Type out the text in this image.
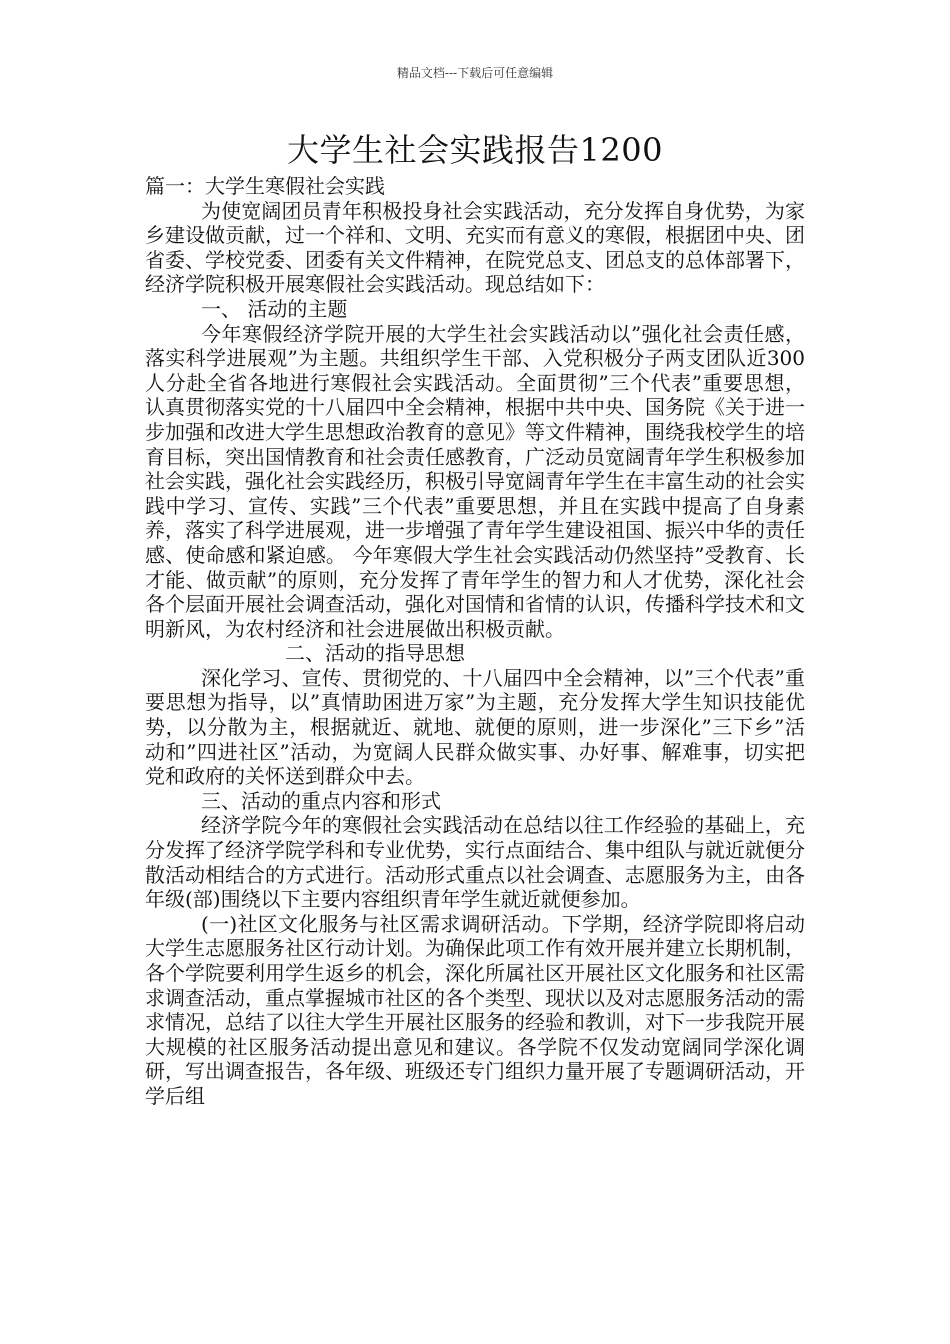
精品文档---下载后可任意编辑
大学生社会实践报告1200

篇一：大学生寒假社会实践

为使宽阔团员青年积极投身社会实践活动，充分发挥自身优势，为家乡建设做贡献，过一个祥和、文明、充实而有意义的寒假，根据团中央、团省委、学校党委、团委有关文件精神，在院党总支、团总支的总体部署下，经济学院积极开展寒假社会实践活动。现总结如下：

一、 活动的主题

今年寒假经济学院开展的大学生社会实践活动以”强化社会责任感，落实科学进展观”为主题。共组织学生干部、入党积极分子两支团队近300人分赴全省各地进行寒假社会实践活动。全面贯彻”三个代表”重要思想，认真贯彻落实党的十八届四中全会精神，根据中共中央、国务院《关于进一步加强和改进大学生思想政治教育的意见》等文件精神，围绕我校学生的培育目标，突出国情教育和社会责任感教育，广泛动员宽阔青年学生积极参加社会实践，强化社会实践经历，积极引导宽阔青年学生在丰富生动的社会实践中学习、宣传、实践”三个代表”重要思想，并且在实践中提高了自身素养，落实了科学进展观，进一步增强了青年学生建设祖国、振兴中华的责任感、使命感和紧迫感。 今年寒假大学生社会实践活动仍然坚持”受教育、长才能、做贡献”的原则，充分发挥了青年学生的智力和人才优势，深化社会各个层面开展社会调查活动，强化对国情和省情的认识，传播科学技术和文明新风，为农村经济和社会进展做出积极贡献。

二、活动的指导思想

深化学习、宣传、贯彻党的、十八届四中全会精神，以”三个代表”重要思想为指导，以”真情助困进万家”为主题，充分发挥大学生知识技能优势，以分散为主，根据就近、就地、就便的原则，进一步深化”三下乡”活动和”四进社区”活动，为宽阔人民群众做实事、办好事、解难事，切实把党和政府的关怀送到群众中去。

三、活动的重点内容和形式

经济学院今年的寒假社会实践活动在总结以往工作经验的基础上，充分发挥了经济学院学科和专业优势，实行点面结合、集中组队与就近就便分散活动相结合的方式进行。活动形式重点以社会调查、志愿服务为主，由各年级(部)围绕以下主要内容组织青年学生就近就便参加。

(一)社区文化服务与社区需求调研活动。下学期，经济学院即将启动大学生志愿服务社区行动计划。为确保此项工作有效开展并建立长期机制，各个学院要利用学生返乡的机会，深化所属社区开展社区文化服务和社区需求调查活动，重点掌握城市社区的各个类型、现状以及对志愿服务活动的需求情况，总结了以往大学生开展社区服务的经验和教训，对下一步我院开展大规模的社区服务活动提出意见和建议。各学院不仅发动宽阔同学深化调研，写出调查报告，各年级、班级还专门组织力量开展了专题调研活动，开学后组
